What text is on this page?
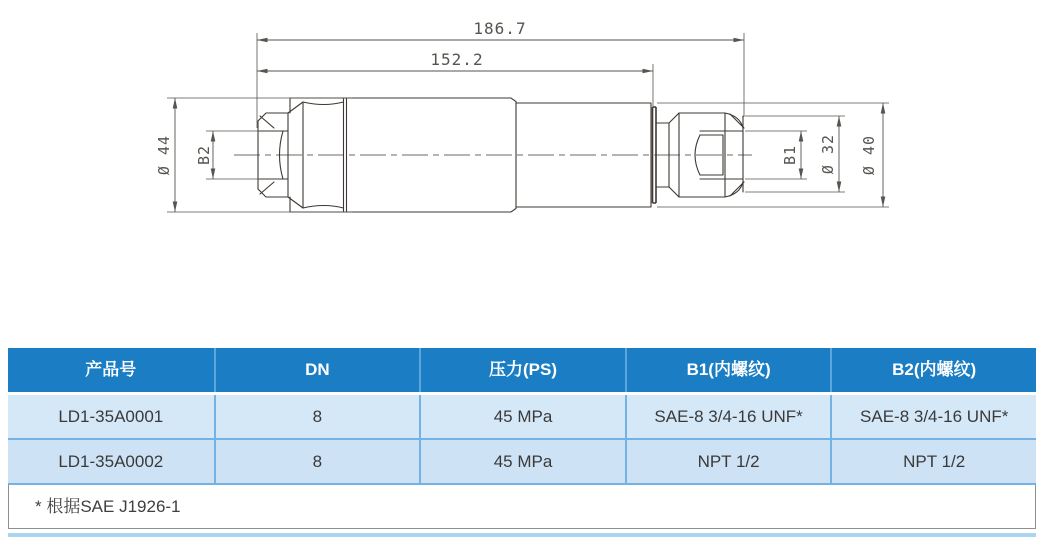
186.7
152.2
Ø 44 B2	B1 Ø 32 Ø 40
产品号	DN	压力(PS)	B1(内螺纹)	B2(内螺纹)
LD1-35A0001	8	45 MPa	SAE-8 3/4-16 UNF*	SAE-8 3/4-16 UNF*
LD1-35A0002	8	45 MPa	NPT 1/2	NPT 1/2
* 根据SAE J1926-1
